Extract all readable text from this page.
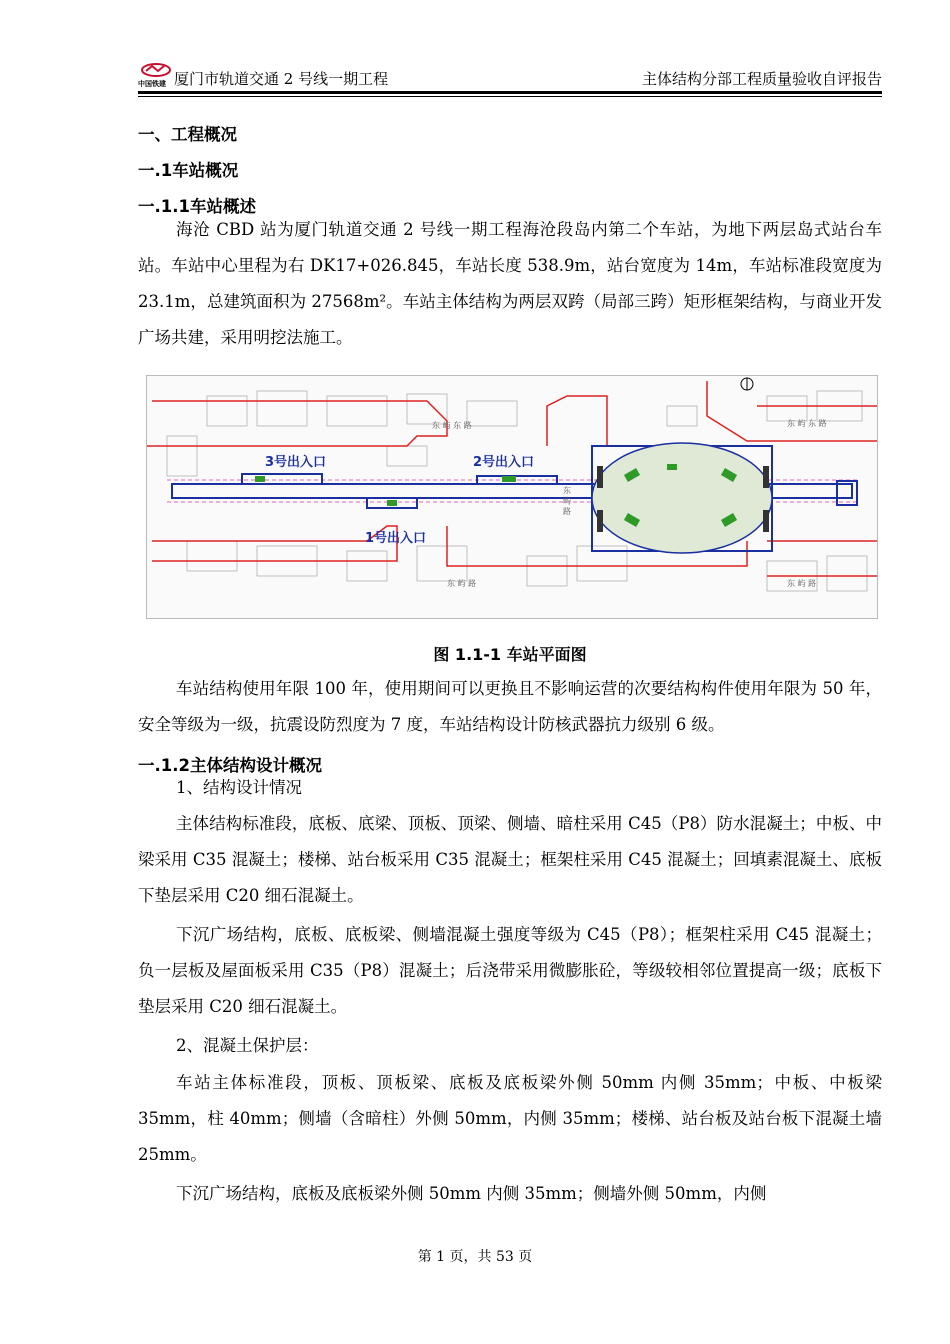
中国铁建 厦门市轨道交通 2 号线一期工程	主体结构分部工程质量验收自评报告
一、工程概况
一.1车站概况
一.1.1车站概述
海沧 CBD 站为厦门轨道交通 2 号线一期工程海沧段岛内第二个车站，为地下两层岛式站台车站。车站中心里程为右 DK17+026.845，车站长度 538.9m，站台宽度为 14m，车站标准段宽度为 23.1m，总建筑面积为 27568m²。车站主体结构为两层双跨（局部三跨）矩形框架结构，与商业开发广场共建，采用明挖法施工。
3号出入口	2号出入口
1号出入口
东 屿 东 路	东 屿 东 路
东 屿 路	东 屿 路
东 屿 路
图 1.1-1 车站平面图
车站结构使用年限 100 年，使用期间可以更换且不影响运营的次要结构构件使用年限为 50 年，安全等级为一级，抗震设防烈度为 7 度，车站结构设计防核武器抗力级别 6 级。
一.1.2主体结构设计概况
1、结构设计情况
主体结构标准段，底板、底梁、顶板、顶梁、侧墙、暗柱采用 C45（P8）防水混凝土；中板、中梁采用 C35 混凝土；楼梯、站台板采用 C35 混凝土；框架柱采用 C45 混凝土；回填素混凝土、底板下垫层采用 C20 细石混凝土。
下沉广场结构，底板、底板梁、侧墙混凝土强度等级为 C45（P8）；框架柱采用 C45 混凝土；负一层板及屋面板采用 C35（P8）混凝土；后浇带采用微膨胀砼，等级较相邻位置提高一级；底板下垫层采用 C20 细石混凝土。
2、混凝土保护层：
车站主体标准段，顶板、顶板梁、底板及底板梁外侧 50mm 内侧 35mm；中板、中板梁 35mm，柱 40mm；侧墙（含暗柱）外侧 50mm，内侧 35mm；楼梯、站台板及站台板下混凝土墙 25mm。
下沉广场结构，底板及底板梁外侧 50mm 内侧 35mm；侧墙外侧 50mm，内侧
第 1 页，共 53 页
